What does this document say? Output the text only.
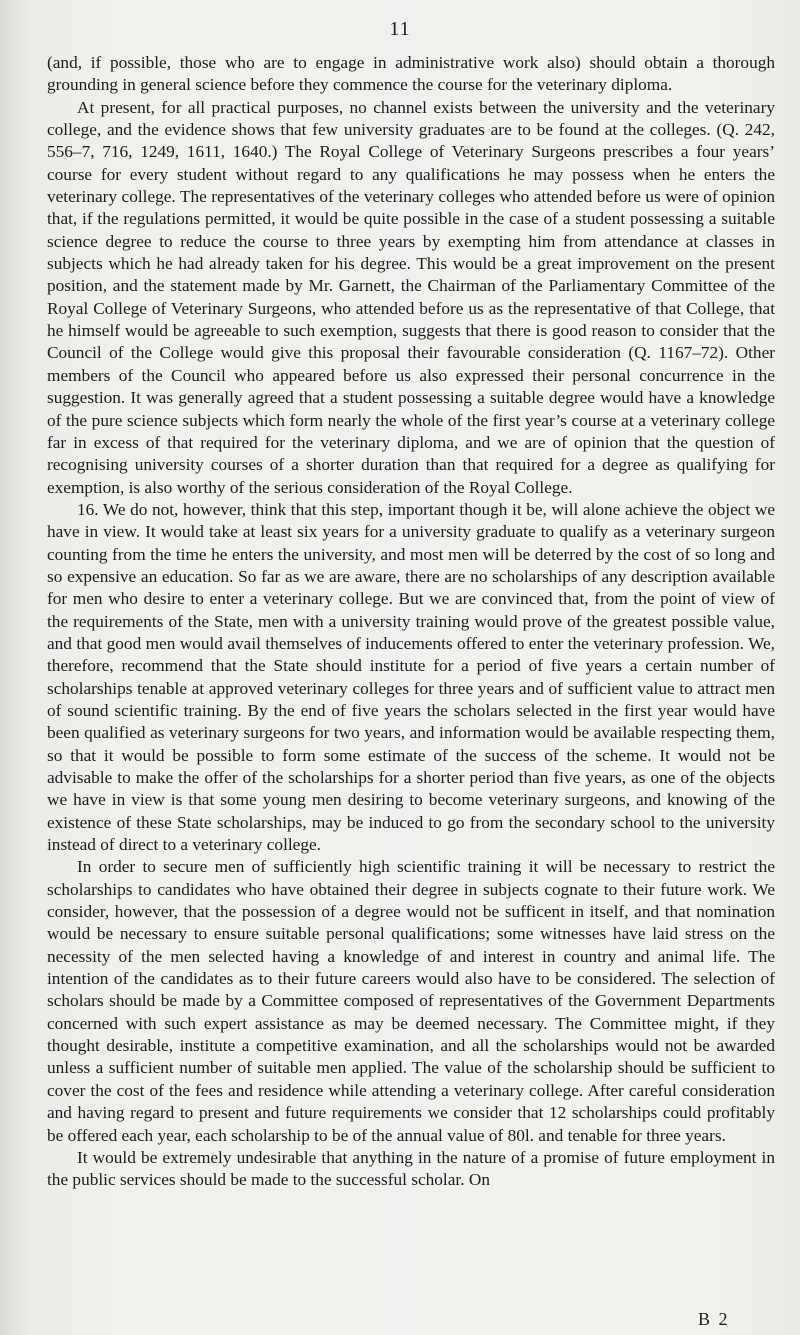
11

(and, if possible, those who are to engage in administrative work also) should obtain a thorough grounding in general science before they commence the course for the veterinary diploma.

At present, for all practical purposes, no channel exists between the university and the veterinary college, and the evidence shows that few university graduates are to be found at the colleges. (Q. 242, 556–7, 716, 1249, 1611, 1640.) The Royal College of Veterinary Surgeons prescribes a four years’ course for every student without regard to any qualifications he may possess when he enters the veterinary college. The representatives of the veterinary colleges who attended before us were of opinion that, if the regulations permitted, it would be quite possible in the case of a student possessing a suitable science degree to reduce the course to three years by exempting him from attendance at classes in subjects which he had already taken for his degree. This would be a great improvement on the present position, and the statement made by Mr. Garnett, the Chairman of the Parliamentary Committee of the Royal College of Veterinary Surgeons, who attended before us as the representative of that College, that he himself would be agreeable to such exemption, suggests that there is good reason to consider that the Council of the College would give this proposal their favourable consideration (Q. 1167–72). Other members of the Council who appeared before us also expressed their personal concurrence in the suggestion. It was generally agreed that a student possessing a suitable degree would have a knowledge of the pure science subjects which form nearly the whole of the first year’s course at a veterinary college far in excess of that required for the veterinary diploma, and we are of opinion that the question of recognising university courses of a shorter duration than that required for a degree as qualifying for exemption, is also worthy of the serious consideration of the Royal College.

16. We do not, however, think that this step, important though it be, will alone achieve the object we have in view. It would take at least six years for a university graduate to qualify as a veterinary surgeon counting from the time he enters the university, and most men will be deterred by the cost of so long and so expensive an education. So far as we are aware, there are no scholarships of any description available for men who desire to enter a veterinary college. But we are convinced that, from the point of view of the requirements of the State, men with a university training would prove of the greatest possible value, and that good men would avail themselves of inducements offered to enter the veterinary profession. We, therefore, recommend that the State should institute for a period of five years a certain number of scholarships tenable at approved veterinary colleges for three years and of sufficient value to attract men of sound scientific training. By the end of five years the scholars selected in the first year would have been qualified as veterinary surgeons for two years, and information would be available respecting them, so that it would be possible to form some estimate of the success of the scheme. It would not be advisable to make the offer of the scholarships for a shorter period than five years, as one of the objects we have in view is that some young men desiring to become veterinary surgeons, and knowing of the existence of these State scholarships, may be induced to go from the secondary school to the university instead of direct to a veterinary college.

In order to secure men of sufficiently high scientific training it will be necessary to restrict the scholarships to candidates who have obtained their degree in subjects cognate to their future work. We consider, however, that the possession of a degree would not be sufficent in itself, and that nomination would be necessary to ensure suitable personal qualifications; some witnesses have laid stress on the necessity of the men selected having a knowledge of and interest in country and animal life. The intention of the candidates as to their future careers would also have to be considered. The selection of scholars should be made by a Committee composed of representatives of the Government Departments concerned with such expert assistance as may be deemed necessary. The Committee might, if they thought desirable, institute a competitive examination, and all the scholarships would not be awarded unless a sufficient number of suitable men applied. The value of the scholarship should be sufficient to cover the cost of the fees and residence while attending a veterinary college. After careful consideration and having regard to present and future requirements we consider that 12 scholarships could profitably be offered each year, each scholarship to be of the annual value of 80l. and tenable for three years.

It would be extremely undesirable that anything in the nature of a promise of future employment in the public services should be made to the successful scholar. On

B 2
